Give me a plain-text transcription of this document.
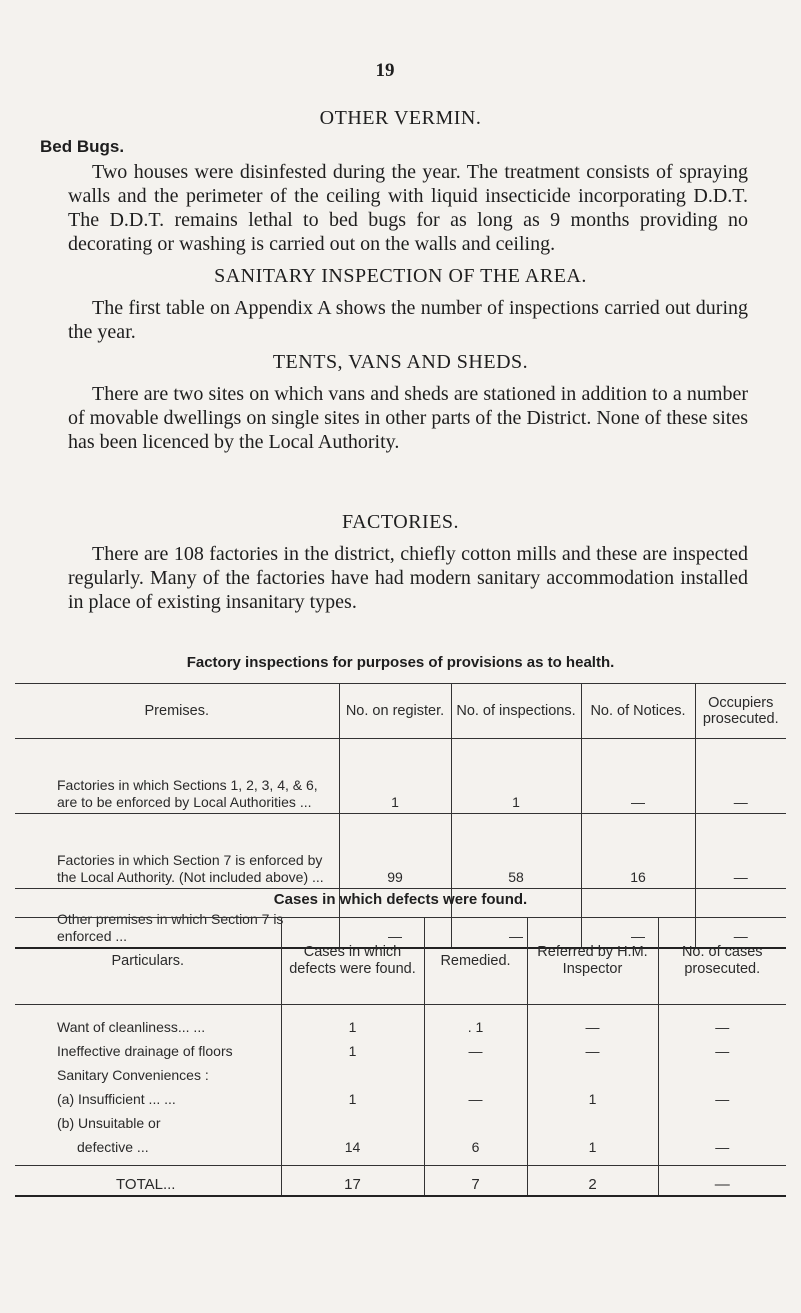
19
OTHER VERMIN.
Bed Bugs.
Two houses were disinfested during the year. The treatment consists of spraying walls and the perimeter of the ceiling with liquid insecticide incorporating D.D.T. The D.D.T. remains lethal to bed bugs for as long as 9 months providing no decorating or washing is carried out on the walls and ceiling.
SANITARY INSPECTION OF THE AREA.
The first table on Appendix A shows the number of inspections carried out during the year.
TENTS, VANS AND SHEDS.
There are two sites on which vans and sheds are stationed in addition to a number of movable dwellings on single sites in other parts of the District. None of these sites has been licenced by the Local Authority.
FACTORIES.
There are 108 factories in the district, chiefly cotton mills and these are inspected regularly. Many of the factories have had modern sanitary accommodation installed in place of existing insanitary types.
Factory inspections for purposes of provisions as to health.
Premises.	No. on register.	No. of inspections.	No. of Notices.	Occupiers prosecuted.
Factories in which Sections 1, 2, 3, 4, & 6, are to be enforced by Local Authorities ...	1	1	—	—
Factories in which Section 7 is enforced by the Local Authority. (Not included above) ...	99	58	16	—
Other premises in which Section 7 is enforced ...	—	—	—	—
Cases in which defects were found.
Particulars.	Cases in which defects were found.	Remedied.	Referred by H.M. Inspector	No. of cases prosecuted.

Want of cleanliness... ...	1	. 1	—	—
Ineffective drainage of floors	1	—	—	—
Sanitary Conveniences :				
(a) Insufficient ... ...	1	—	1	—
(b) Unsuitable or				
defective ...	14	6	1	—

TOTAL...	17	7	2	—
